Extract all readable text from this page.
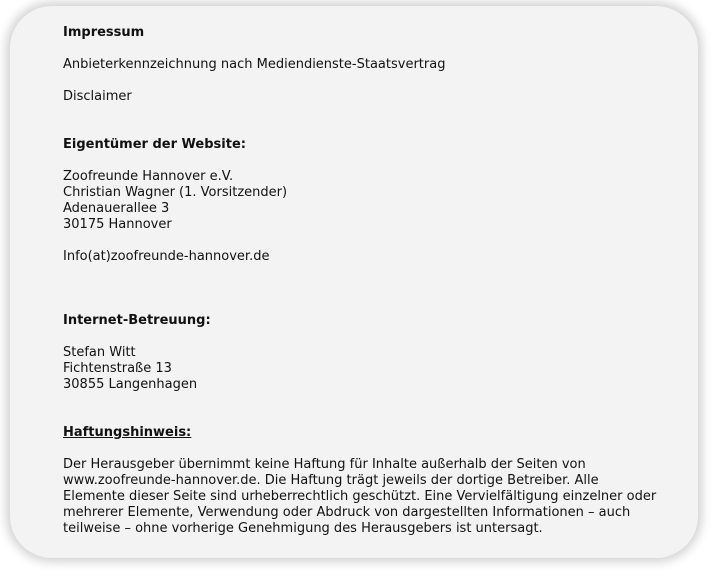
Impressum

Anbieterkennzeichnung nach Mediendienste-Staatsvertrag

Disclaimer

Eigentümer der Website:

Zoofreunde Hannover e.V.
Christian Wagner (1. Vorsitzender)
Adenauerallee 3
30175 Hannover

Info(at)zoofreunde-hannover.de

Internet-Betreuung:

Stefan Witt
Fichtenstraße 13
30855 Langenhagen

Haftungshinweis:

Der Herausgeber übernimmt keine Haftung für Inhalte außerhalb der Seiten von
www.zoofreunde-hannover.de. Die Haftung trägt jeweils der dortige Betreiber. Alle
Elemente dieser Seite sind urheberrechtlich geschützt. Eine Vervielfältigung einzelner oder
mehrerer Elemente, Verwendung oder Abdruck von dargestellten Informationen – auch
teilweise – ohne vorherige Genehmigung des Herausgebers ist untersagt.
